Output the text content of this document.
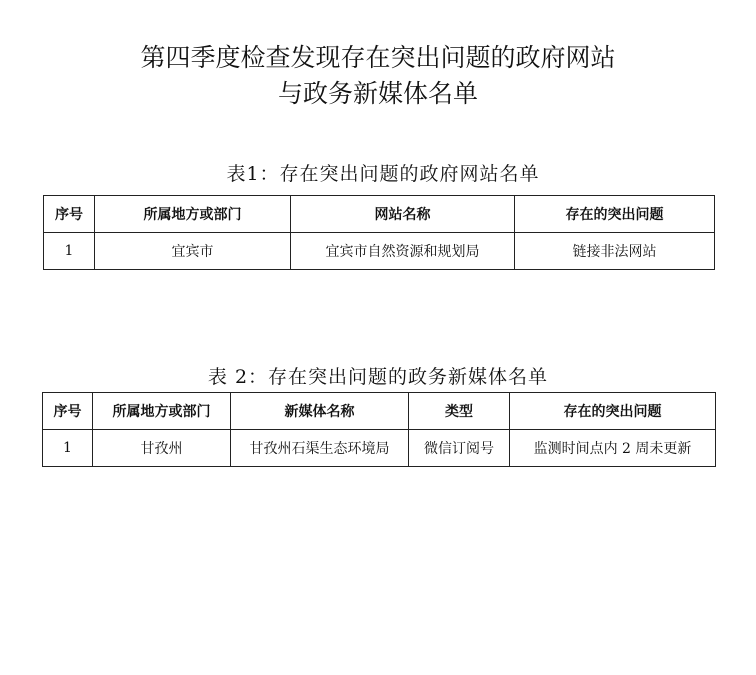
第四季度检查发现存在突出问题的政府网站
与政务新媒体名单

表1：存在突出问题的政府网站名单

序号	所属地方或部门	网站名称	存在的突出问题
1	宜宾市	宜宾市自然资源和规划局	链接非法网站

表 2：存在突出问题的政务新媒体名单

序号	所属地方或部门	新媒体名称	类型	存在的突出问题
1	甘孜州	甘孜州石渠生态环境局	微信订阅号	监测时间点内 2 周未更新
